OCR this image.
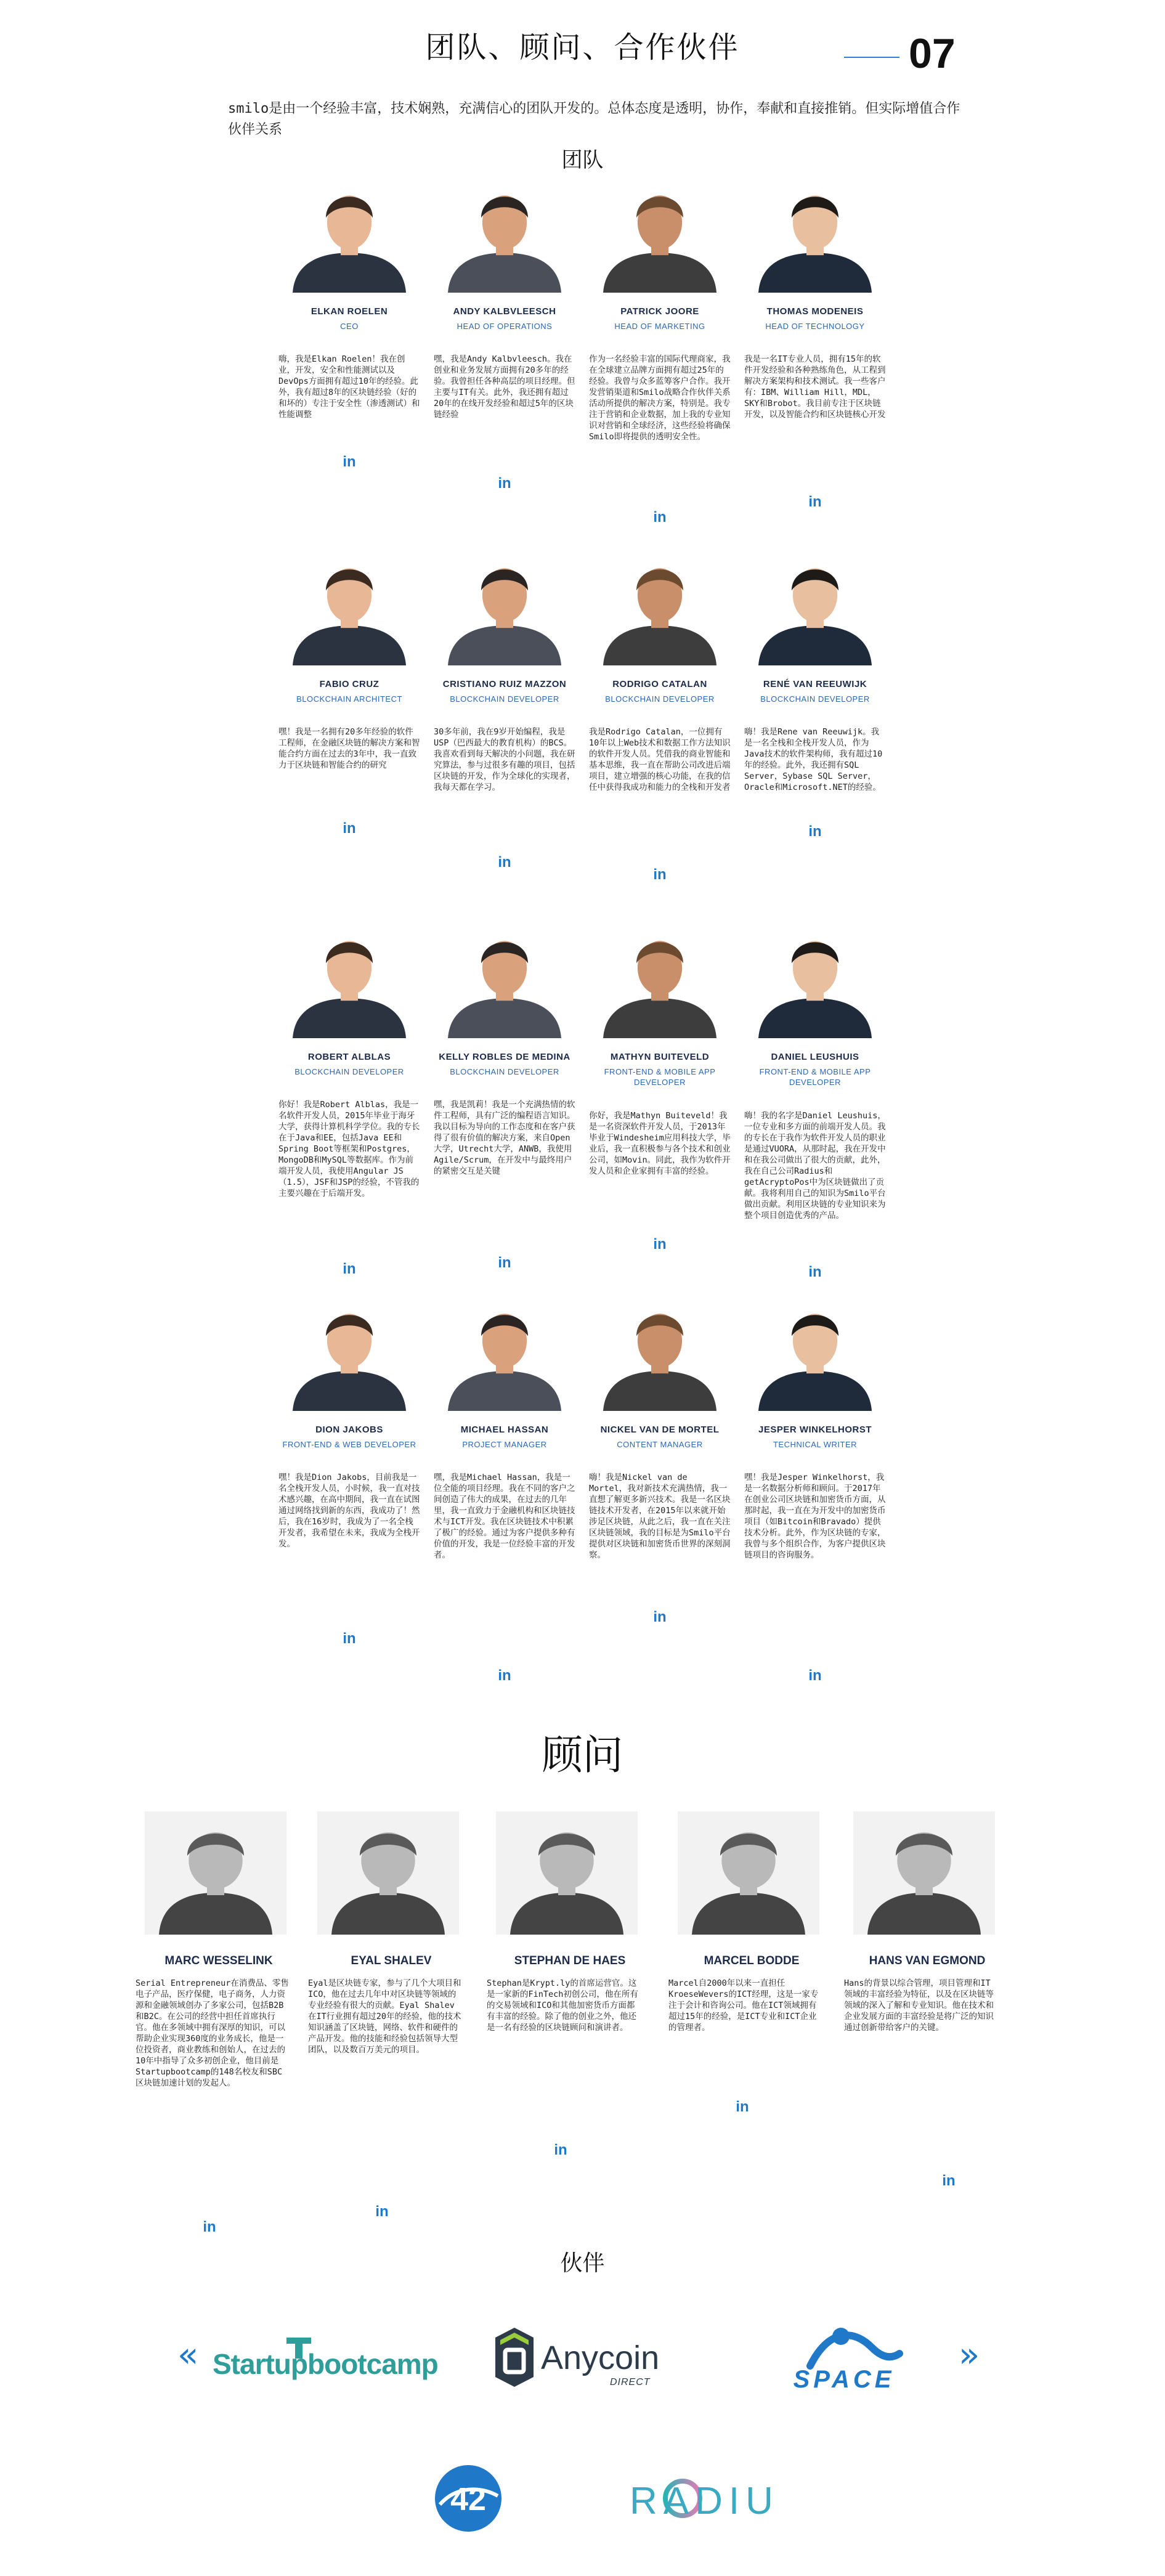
团队、顾问、合作伙伴	07
smilo是由一个经验丰富，技术娴熟，充满信心的团队开发的。总体态度是透明，协作，奉献和直接推销。但实际增值合作伙伴关系
团队
ELKAN ROELEN
CEO
嗨，我是Elkan Roelen！我在创业，开发，安全和性能测试以及DevOps方面拥有超过10年的经验。此外，我有超过8年的区块链经验（好的和坏的）专注于安全性（渗透测试）和性能调整
in
ANDY KALBVLEESCH
HEAD OF OPERATIONS
嘿，我是Andy Kalbvleesch。我在创业和业务发展方面拥有20多年的经验。我曾担任各种高层的项目经理。但主要与IT有关。此外，我还拥有超过20年的在线开发经验和超过5年的区块链经验
in
PATRICK JOORE
HEAD OF MARKETING
作为一名经验丰富的国际代理商家，我在全球建立品牌方面拥有超过25年的经验。我曾与众多蓝筹客户合作。我开发营销渠道和Smilo战略合作伙伴关系活动所提供的解决方案，特别是。我专注于营销和企业数据，加上我的专业知识对营销和全球经济，这些经验将确保Smilo即将提供的透明安全性。
in
THOMAS MODENEIS
HEAD OF TECHNOLOGY
我是一名IT专业人员，拥有15年的软件开发经验和各种熟练角色，从工程到解决方案架构和技术测试。我一些客户有：IBM、William Hill，MDL，SKY和Brobot。我目前专注于区块链开发，以及智能合约和区块链核心开发
in
FABIO CRUZ
BLOCKCHAIN ARCHITECT
嘿！我是一名拥有20多年经验的软件工程师，在金融区块链的解决方案和智能合约方面在过去的3年中，我一直致力于区块链和智能合约的研究
in
CRISTIANO RUIZ MAZZON
BLOCKCHAIN DEVELOPER
30多年前，我在9岁开始编程，我是USP（巴西最大的教育机构）的BCS。我喜欢看到每天解决的小问题，我在研究算法，参与过很多有趣的项目，包括区块链的开发，作为全球化的实现者，我每天都在学习。
in
RODRIGO CATALAN
BLOCKCHAIN DEVELOPER
我是Rodrigo Catalan，一位拥有10年以上Web技术和数据工作方法知识的软件开发人员。凭借我的商业智能和基本思维，我一直在帮助公司改进后端项目，建立增强的核心功能，在我的信任中获得我成功和能力的全栈和开发者
in
RENÉ VAN REEUWIJK
BLOCKCHAIN DEVELOPER
嗨！我是Rene van Reeuwijk。我是一名全栈和全栈开发人员，作为Java技术的软件架构师，我有超过10年的经验。此外，我还拥有SQL Server，Sybase SQL Server，Oracle和Microsoft.NET的经验。
in
ROBERT ALBLAS
BLOCKCHAIN DEVELOPER
你好！我是Robert Alblas，我是一名软件开发人员，2015年毕业于海牙大学，获得计算机科学学位。我的专长在于Java和EE，包括Java EE和Spring Boot等框架和Postgres，MongoDB和MySQL等数据库。作为前端开发人员，我使用Angular JS（1.5），JSF和JSP的经验，不管我的主要兴趣在于后端开发。
in
KELLY ROBLES DE MEDINA
BLOCKCHAIN DEVELOPER
嘿，我是凯莉！我是一个充满热情的软件工程师，具有广泛的编程语言知识。我以目标为导向的工作态度和在客户获得了很有价值的解决方案，来自Open大学，Utrecht大学，ANWB，我使用Agile/Scrum，在开发中与最终用户的紧密交互是关键
in
MATHYN BUITEVELD
FRONT-END & MOBILE APP DEVELOPER
你好，我是Mathyn Buiteveld！我是一名资深软件开发人员，于2013年毕业于Windesheim应用科技大学，毕业后，我一直积极参与各个技术和创业公司，如Movin。同此，我作为软件开发人员和企业家拥有丰富的经验。
in
DANIEL LEUSHUIS
FRONT-END & MOBILE APP DEVELOPER
嗨！我的名字是Daniel Leushuis，一位专业和多方面的前端开发人员。我的专长在于我作为软件开发人员的职业是通过VUORA，从那时起，我在开发中和在我公司做出了很大的贡献，此外，我在自己公司Radius和getAcryptoPos中为区块链做出了贡献。我将利用自己的知识为Smilo平台做出贡献。利用区块链的专业知识来为整个项目创造优秀的产品。
in
DION JAKOBS
FRONT-END & WEB DEVELOPER
嘿！我是Dion Jakobs，目前我是一名全栈开发人员，小时候，我一直对技术感兴趣，在高中期间，我一直在试图通过网络找到新的东西，我成功了！然后，我在16岁时，我成为了一名全栈开发者，我希望在未来，我成为全栈开发。
in
MICHAEL HASSAN
PROJECT MANAGER
嘿，我是Michael Hassan，我是一位全能的项目经理。我在不同的客户之间创造了伟大的成果，在过去的几年里，我一直致力于金融机构和区块链技术与ICT开发。我在区块链技术中积累了极广的经验。通过为客户提供多种有价值的开发，我是一位经验丰富的开发者。
in
NICKEL VAN DE MORTEL
CONTENT MANAGER
嗨！我是Nickel van de Mortel，我对新技术充满热情，我一直想了解更多新兴技术。我是一名区块链技术开发者，在2015年以来就开始涉足区块链，从此之后，我一直在关注区块链领域，我的目标是为Smilo平台提供对区块链和加密货币世界的深刻洞察。
in
JESPER WINKELHORST
TECHNICAL WRITER
嘿！我是Jesper Winkelhorst，我是一名数据分析师和顾问。于2017年在创业公司区块链和加密货币方面，从那时起，我一直在为开发中的加密货币项目（如Bitcoin和Bravado）提供技术分析。此外，作为区块链的专家，我曾与多个组织合作，为客户提供区块链项目的咨询服务。
in
顾问
MARC WESSELINK
Serial Entrepreneur在消费品、零售电子产品，医疗保健，电子商务，人力资源和金融领域创办了多家公司，包括B2B和B2C。在公司的经营中担任首席执行官。他在多领域中拥有深厚的知识，可以帮助企业实现360度的业务成长，他是一位投资者，商业教练和创始人，在过去的10年中指导了众多初创企业，他目前是Startupbootcamp的148名校友和SBC区块链加速计划的发起人。
in
EYAL SHALEV
Eyal是区块链专家，参与了几个大项目和ICO，他在过去几年中对区块链等领域的专业经验有很大的贡献。Eyal Shalev在IT行业拥有超过20年的经验，他的技术知识涵盖了区块链，网络、软件和硬件的产品开发。他的技能和经验包括领导大型团队，以及数百万美元的项目。
in
STEPHAN DE HAES
Stephan是Krypt.ly的首席运营官。这是一家新的FinTech初创公司，他在所有的交易领域和ICO和其他加密货币方面都有丰富的经验。除了他的创业之外，他还是一名有经验的区块链顾问和演讲者。
in
MARCEL BODDE
Marcel自2000年以来一直担任KroeseWevers的ICT经理，这是一家专注于会计和咨询公司。他在ICT领域拥有超过15年的经验，是ICT专业和ICT企业的管理者。
in
HANS VAN EGMOND
Hans的背景以综合管理，项目管理和IT领域的丰富经验为特征，以及在区块链等领域的深入了解和专业知识。他在技术和企业发展方面的丰富经验是将广泛的知识通过创新带给客户的关键。
in
伙伴
«	»
Startupbootcamp	Anycoin
DIRECT	SPACE
42	RADIU
